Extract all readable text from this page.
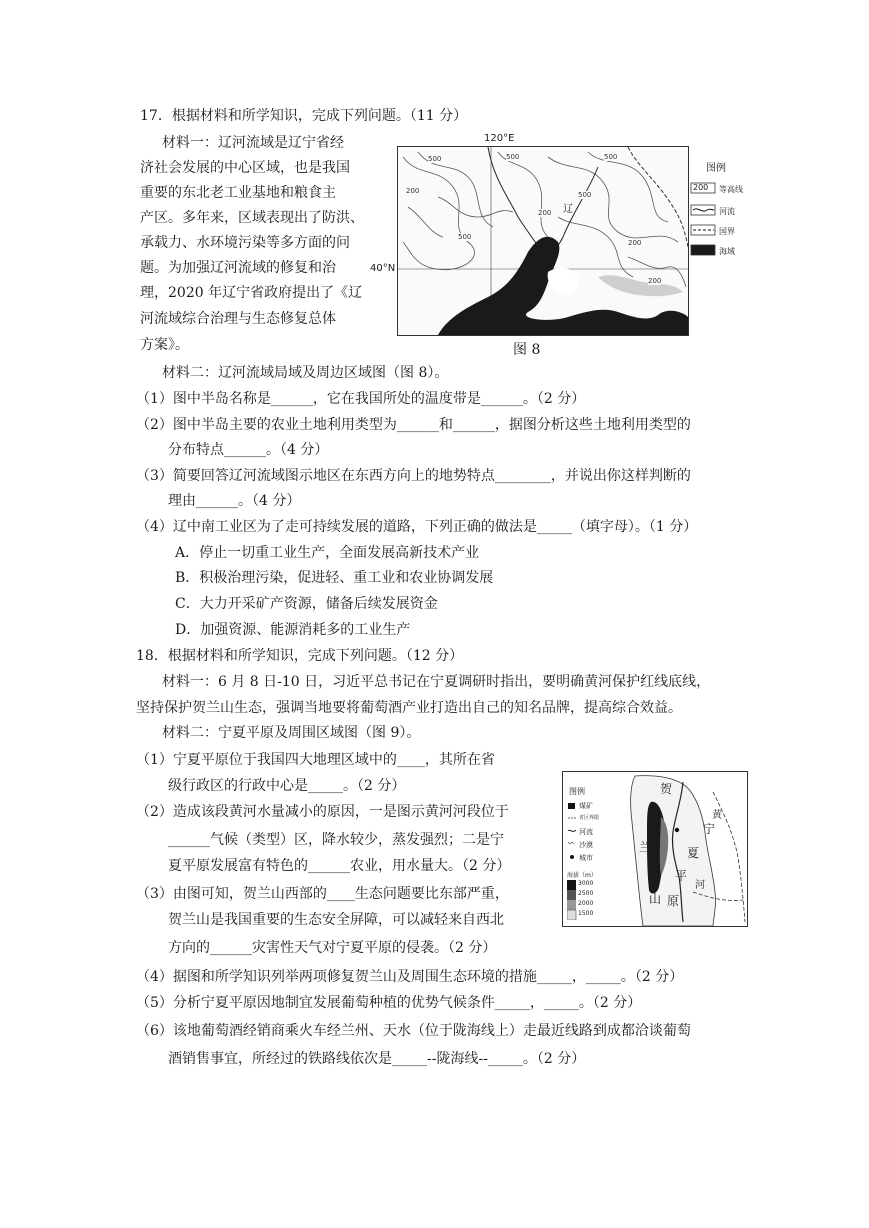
17．根据材料和所学知识，完成下列问题。（11 分）
材料一：辽河流域是辽宁省经
济社会发展的中心区域，也是我国
重要的东北老工业基地和粮食主
产区。多年来，区域表现出了防洪、
承载力、水环境污染等多方面的问
题。为加强辽河流域的修复和治
理，2020 年辽宁省政府提出了《辽
河流域综合治理与生态修复总体
方案》。
120°E
40°N
500	500
200
500
500
200
500
200
200
辽
图例
200 等高线
河流
国界
海域
图 8
材料二：辽河流域局域及周边区域图（图 8）。
（1）图中半岛名称是______，它在我国所处的温度带是______。（2 分）
（2）图中半岛主要的农业土地利用类型为______和______，据图分析这些土地利用类型的
分布特点______。（4 分）
（3）简要回答辽河流域图示地区在东西方向上的地势特点________，并说出你这样判断的
理由______。（4 分）
（4）辽中南工业区为了走可持续发展的道路，下列正确的做法是_____（填字母）。（1 分）
A．停止一切重工业生产，全面发展高新技术产业
B．积极治理污染，促进轻、重工业和农业协调发展
C．大力开采矿产资源，储备后续发展资金
D．加强资源、能源消耗多的工业生产
18．根据材料和所学知识，完成下列问题。（12 分）
材料一：6 月 8 日-10 日，习近平总书记在宁夏调研时指出，要明确黄河保护红线底线，
坚持保护贺兰山生态，强调当地要将葡萄酒产业打造出自己的知名品牌，提高综合效益。
材料二：宁夏平原及周围区域图（图 9）。
（1）宁夏平原位于我国四大地理区域中的____，其所在省
级行政区的行政中心是_____。（2 分）
（2）造成该段黄河水量减小的原因，一是图示黄河河段位于
______气候（类型）区，降水较少，蒸发强烈；二是宁
夏平原发展富有特色的______农业，用水量大。（2 分）
（3）由图可知，贺兰山西部的____生态问题要比东部严重，
贺兰山是我国重要的生态安全屏障，可以减轻来自西北
方向的______灾害性天气对宁夏平原的侵袭。（2 分）
（4）据图和所学知识列举两项修复贺兰山及周围生态环境的措施_____，_____。（2 分）
（5）分析宁夏平原因地制宜发展葡萄种植的优势气候条件_____，_____。（2 分）
（6）该地葡萄酒经销商乘火车经兰州、天水（位于陇海线上）走最近线路到成都洽谈葡萄
酒销售事宜，所经过的铁路线依次是_____--陇海线--_____。（2 分）
贺
兰
山
宁
夏
平
原
黄
河
图例
煤矿
省区界限
河流
沙漠
城市
海拔（m）
3000
2500
2000
1500
